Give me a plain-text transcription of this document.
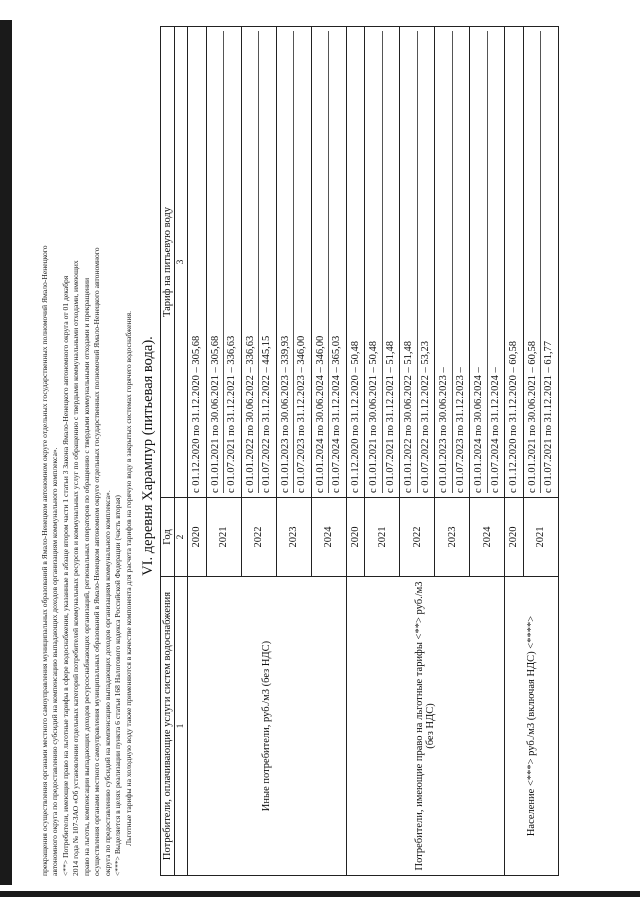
прекращения осуществления органами местного самоуправления муниципальных образований в Ямало-Ненецком автономном округе отдельных государственных полномочий Ямало-Ненецкого автономного округа по предоставлению субсидий на компенсацию выпадающих доходов организациям коммунального комплекса». <**> Потребители, имеющие право на льготные тарифы в сфере водоснабжения, указанные в абзаце втором части 1 статьи 3 Закона Ямало-Ненецкого автономного округа от 01 декабря 2014 года № 107-ЗАО «Об установлении отдельных категорий потребителей коммунальных ресурсов и коммунальных услуг по обращению с твердыми коммунальными отходами, имеющих право на льготы, компенсации выпадающих доходов ресурсоснабжающих организаций, региональных операторов по обращению с твердыми коммунальными отходами и прекращении осуществления органами местного самоуправления муниципальных образований в Ямало-Ненецком автономном округе отдельных государственных полномочий Ямало-Ненецкого автономного округа по предоставлению субсидий на компенсацию выпадающих доходов организациям коммунального комплекса». <***> Выделяется в целях реализации пункта 6 статьи 168 Налогового кодекса Российской Федерации (часть вторая) Льготные тарифы на холодную воду также применяются в качестве компонента для расчета тарифов на горячую воду в закрытых системах горячего водоснабжения. VI. деревня Харампур (питьевая вода).
Потребители, оплачивающие услуги систем водоснабжения	Год	Тариф на питьевую воду
1	2	3
Иные потребители, руб./м3 (без НДС)	2020	с 01.12.2020 по 31.12.2020 – 305,68

	2021	с 01.01.2021 по 30.06.2021 – 305,68 с 01.07.2021 по 31.12.2021 – 336,63

	2022	с 01.01.2022 по 30.06.2022 – 336,63 с 01.07.2022 по 31.12.2022 – 445,15

	2023	с 01.01.2023 по 30.06.2023 – 339,93 с 01.07.2023 по 31.12.2023 – 346,00

	2024	с 01.01.2024 по 30.06.2024 – 346,00 с 01.07.2024 по 31.12.2024 – 365,03

Потребители, имеющие право на льготные тарифы <**> руб./м3 (без НДС)	2020	с 01.12.2020 по 31.12.2020 – 50,48

	2021	с 01.01.2021 по 30.06.2021 – 50,48 с 01.07.2021 по 31.12.2021 – 51,48

	2022	с 01.01.2022 по 30.06.2022 – 51,48 с 01.07.2022 по 31.12.2022 – 53,23

	2023	с 01.01.2023 по 30.06.2023 – с 01.07.2023 по 31.12.2023 –

	2024	с 01.01.2024 по 30.06.2024 – с 01.07.2024 по 31.12.2024 –

Население <***> руб./м3 (включая НДС) <****>	2020	с 01.12.2020 по 31.12.2020 – 60,58

	2021	с 01.01.2021 по 30.06.2021 – 60,58 с 01.07.2021 по 31.12.2021 – 61,77
